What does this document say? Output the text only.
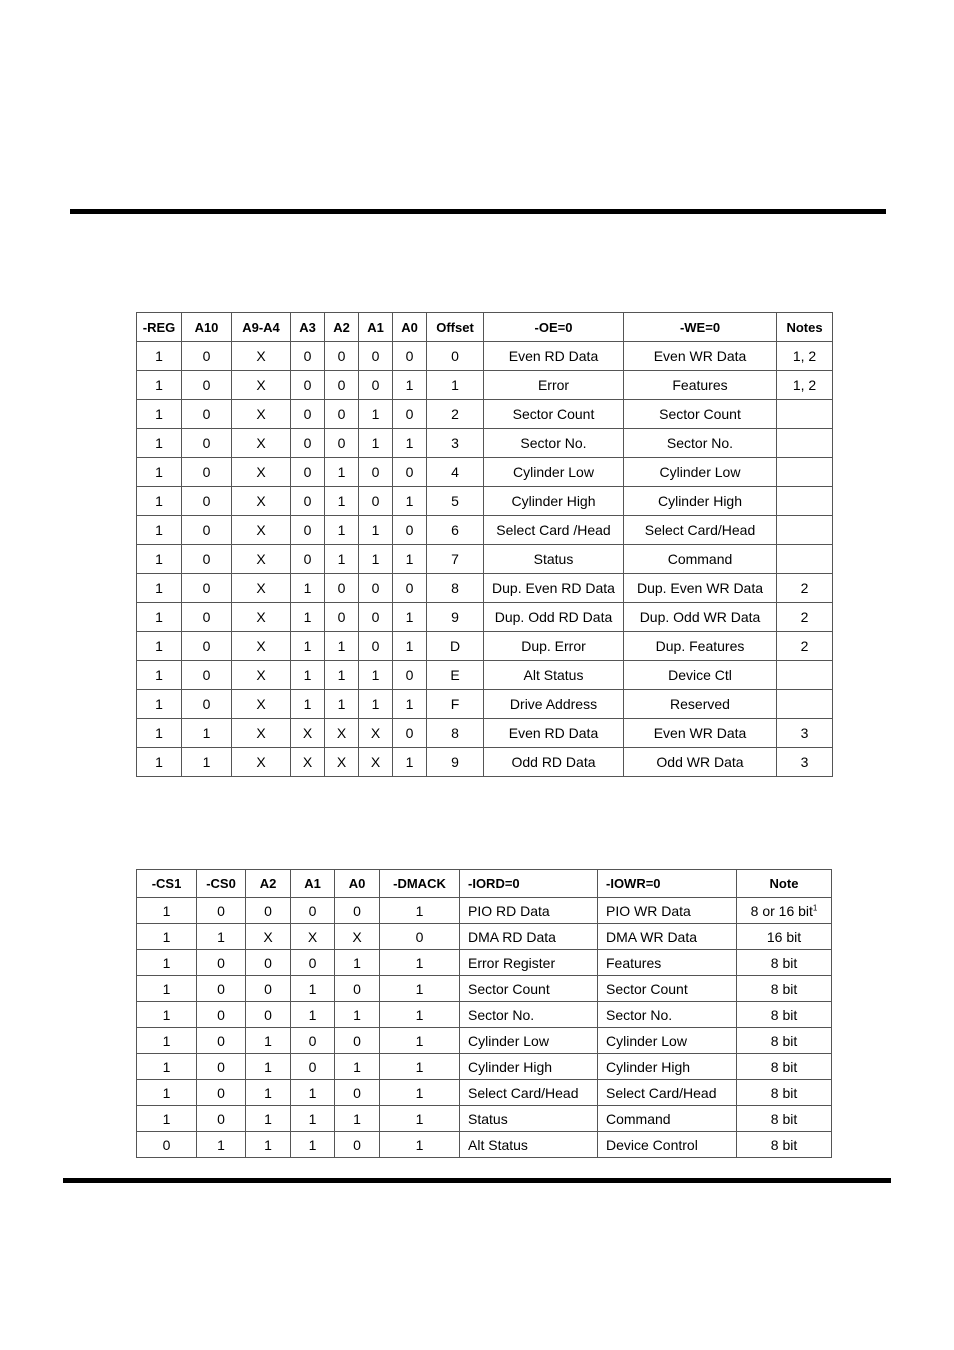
-REG	A10	A9-A4	A3	A2	A1	A0	Offset	-OE=0	-WE=0	Notes
1	0	X	0	0	0	0	0	Even RD Data	Even WR Data	1, 2
1	0	X	0	0	0	1	1	Error	Features	1, 2
1	0	X	0	0	1	0	2	Sector Count	Sector Count	
1	0	X	0	0	1	1	3	Sector No.	Sector No.	
1	0	X	0	1	0	0	4	Cylinder Low	Cylinder Low	
1	0	X	0	1	0	1	5	Cylinder High	Cylinder High	
1	0	X	0	1	1	0	6	Select Card /Head	Select Card/Head	
1	0	X	0	1	1	1	7	Status	Command	
1	0	X	1	0	0	0	8	Dup. Even RD Data	Dup. Even WR Data	2
1	0	X	1	0	0	1	9	Dup. Odd RD Data	Dup. Odd WR Data	2
1	0	X	1	1	0	1	D	Dup. Error	Dup. Features	2
1	0	X	1	1	1	0	E	Alt Status	Device Ctl	
1	0	X	1	1	1	1	F	Drive Address	Reserved	
1	1	X	X	X	X	0	8	Even RD Data	Even WR Data	3
1	1	X	X	X	X	1	9	Odd RD Data	Odd WR Data	3
-CS1	-CS0	A2	A1	A0	-DMACK	-IORD=0	-IOWR=0	Note
1	0	0	0	0	1	PIO RD Data	PIO WR Data	8 or 16 bit$^1$
1	1	X	X	X	0	DMA RD Data	DMA WR Data	16 bit
1	0	0	0	1	1	Error Register	Features	8 bit
1	0	0	1	0	1	Sector Count	Sector Count	8 bit
1	0	0	1	1	1	Sector No.	Sector No.	8 bit
1	0	1	0	0	1	Cylinder Low	Cylinder Low	8 bit
1	0	1	0	1	1	Cylinder High	Cylinder High	8 bit
1	0	1	1	0	1	Select Card/Head	Select Card/Head	8 bit
1	0	1	1	1	1	Status	Command	8 bit
0	1	1	1	0	1	Alt Status	Device Control	8 bit
